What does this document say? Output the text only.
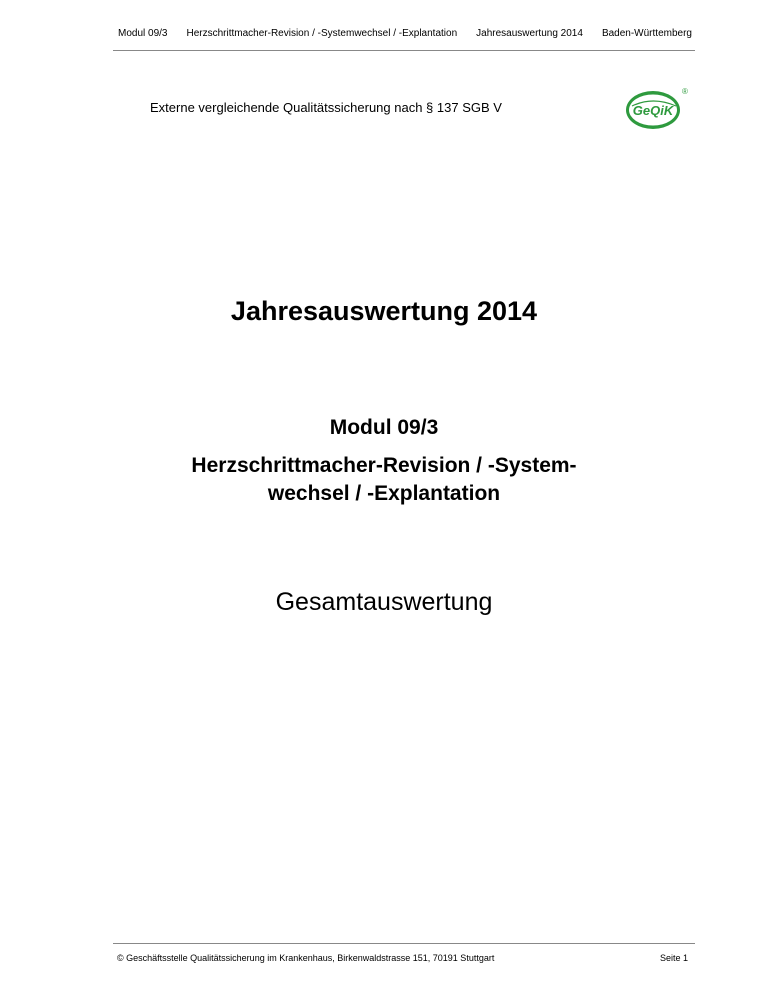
Modul 09/3 Herzschrittmacher-Revision / -Systemwechsel / -Explantation Jahresauswertung 2014 Baden-Württemberg
Externe vergleichende Qualitätssicherung nach § 137 SGB V	GeQiK
®
Jahresauswertung 2014
Modul 09/3
Herzschrittmacher-Revision / -System-
wechsel / -Explantation
Gesamtauswertung
© Geschäftsstelle Qualitätssicherung im Krankenhaus, Birkenwaldstrasse 151, 70191 Stuttgart	Seite 1
